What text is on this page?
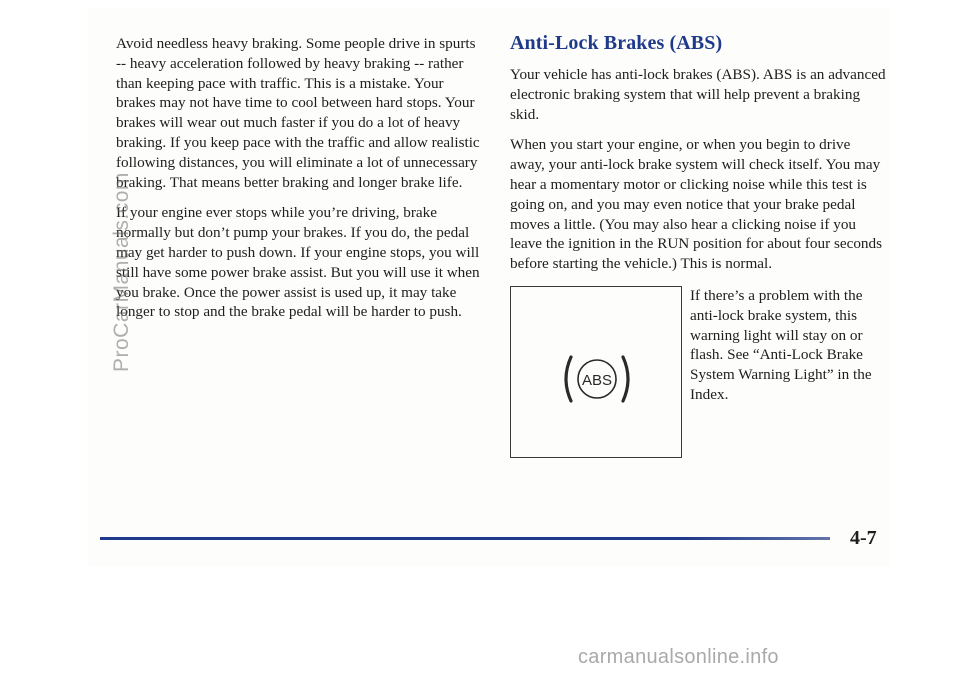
Avoid needless heavy braking. Some people drive in spurts -- heavy acceleration followed by heavy braking -- rather than keeping pace with traffic. This is a mistake. Your brakes may not have time to cool between hard stops. Your brakes will wear out much faster if you do a lot of heavy braking. If you keep pace with the traffic and allow realistic following distances, you will eliminate a lot of unnecessary braking. That means better braking and longer brake life.

If your engine ever stops while you’re driving, brake normally but don’t pump your brakes. If you do, the pedal may get harder to push down. If your engine stops, you will still have some power brake assist. But you will use it when you brake. Once the power assist is used up, it may take longer to stop and the brake pedal will be harder to push.

Anti-Lock Brakes (ABS)

Your vehicle has anti-lock brakes (ABS). ABS is an advanced electronic braking system that will help prevent a braking skid.

When you start your engine, or when you begin to drive away, your anti-lock brake system will check itself. You may hear a momentary motor or clicking noise while this test is going on, and you may even notice that your brake pedal moves a little. (You may also hear a clicking noise if you leave the ignition in the RUN position for about four seconds before starting the vehicle.) This is normal.

ABS
If there’s a problem with the anti-lock brake system, this warning light will stay on or flash. See “Anti-Lock Brake System Warning Light” in the Index.
4-7
ProCarManuals.com
carmanualsonline.info
